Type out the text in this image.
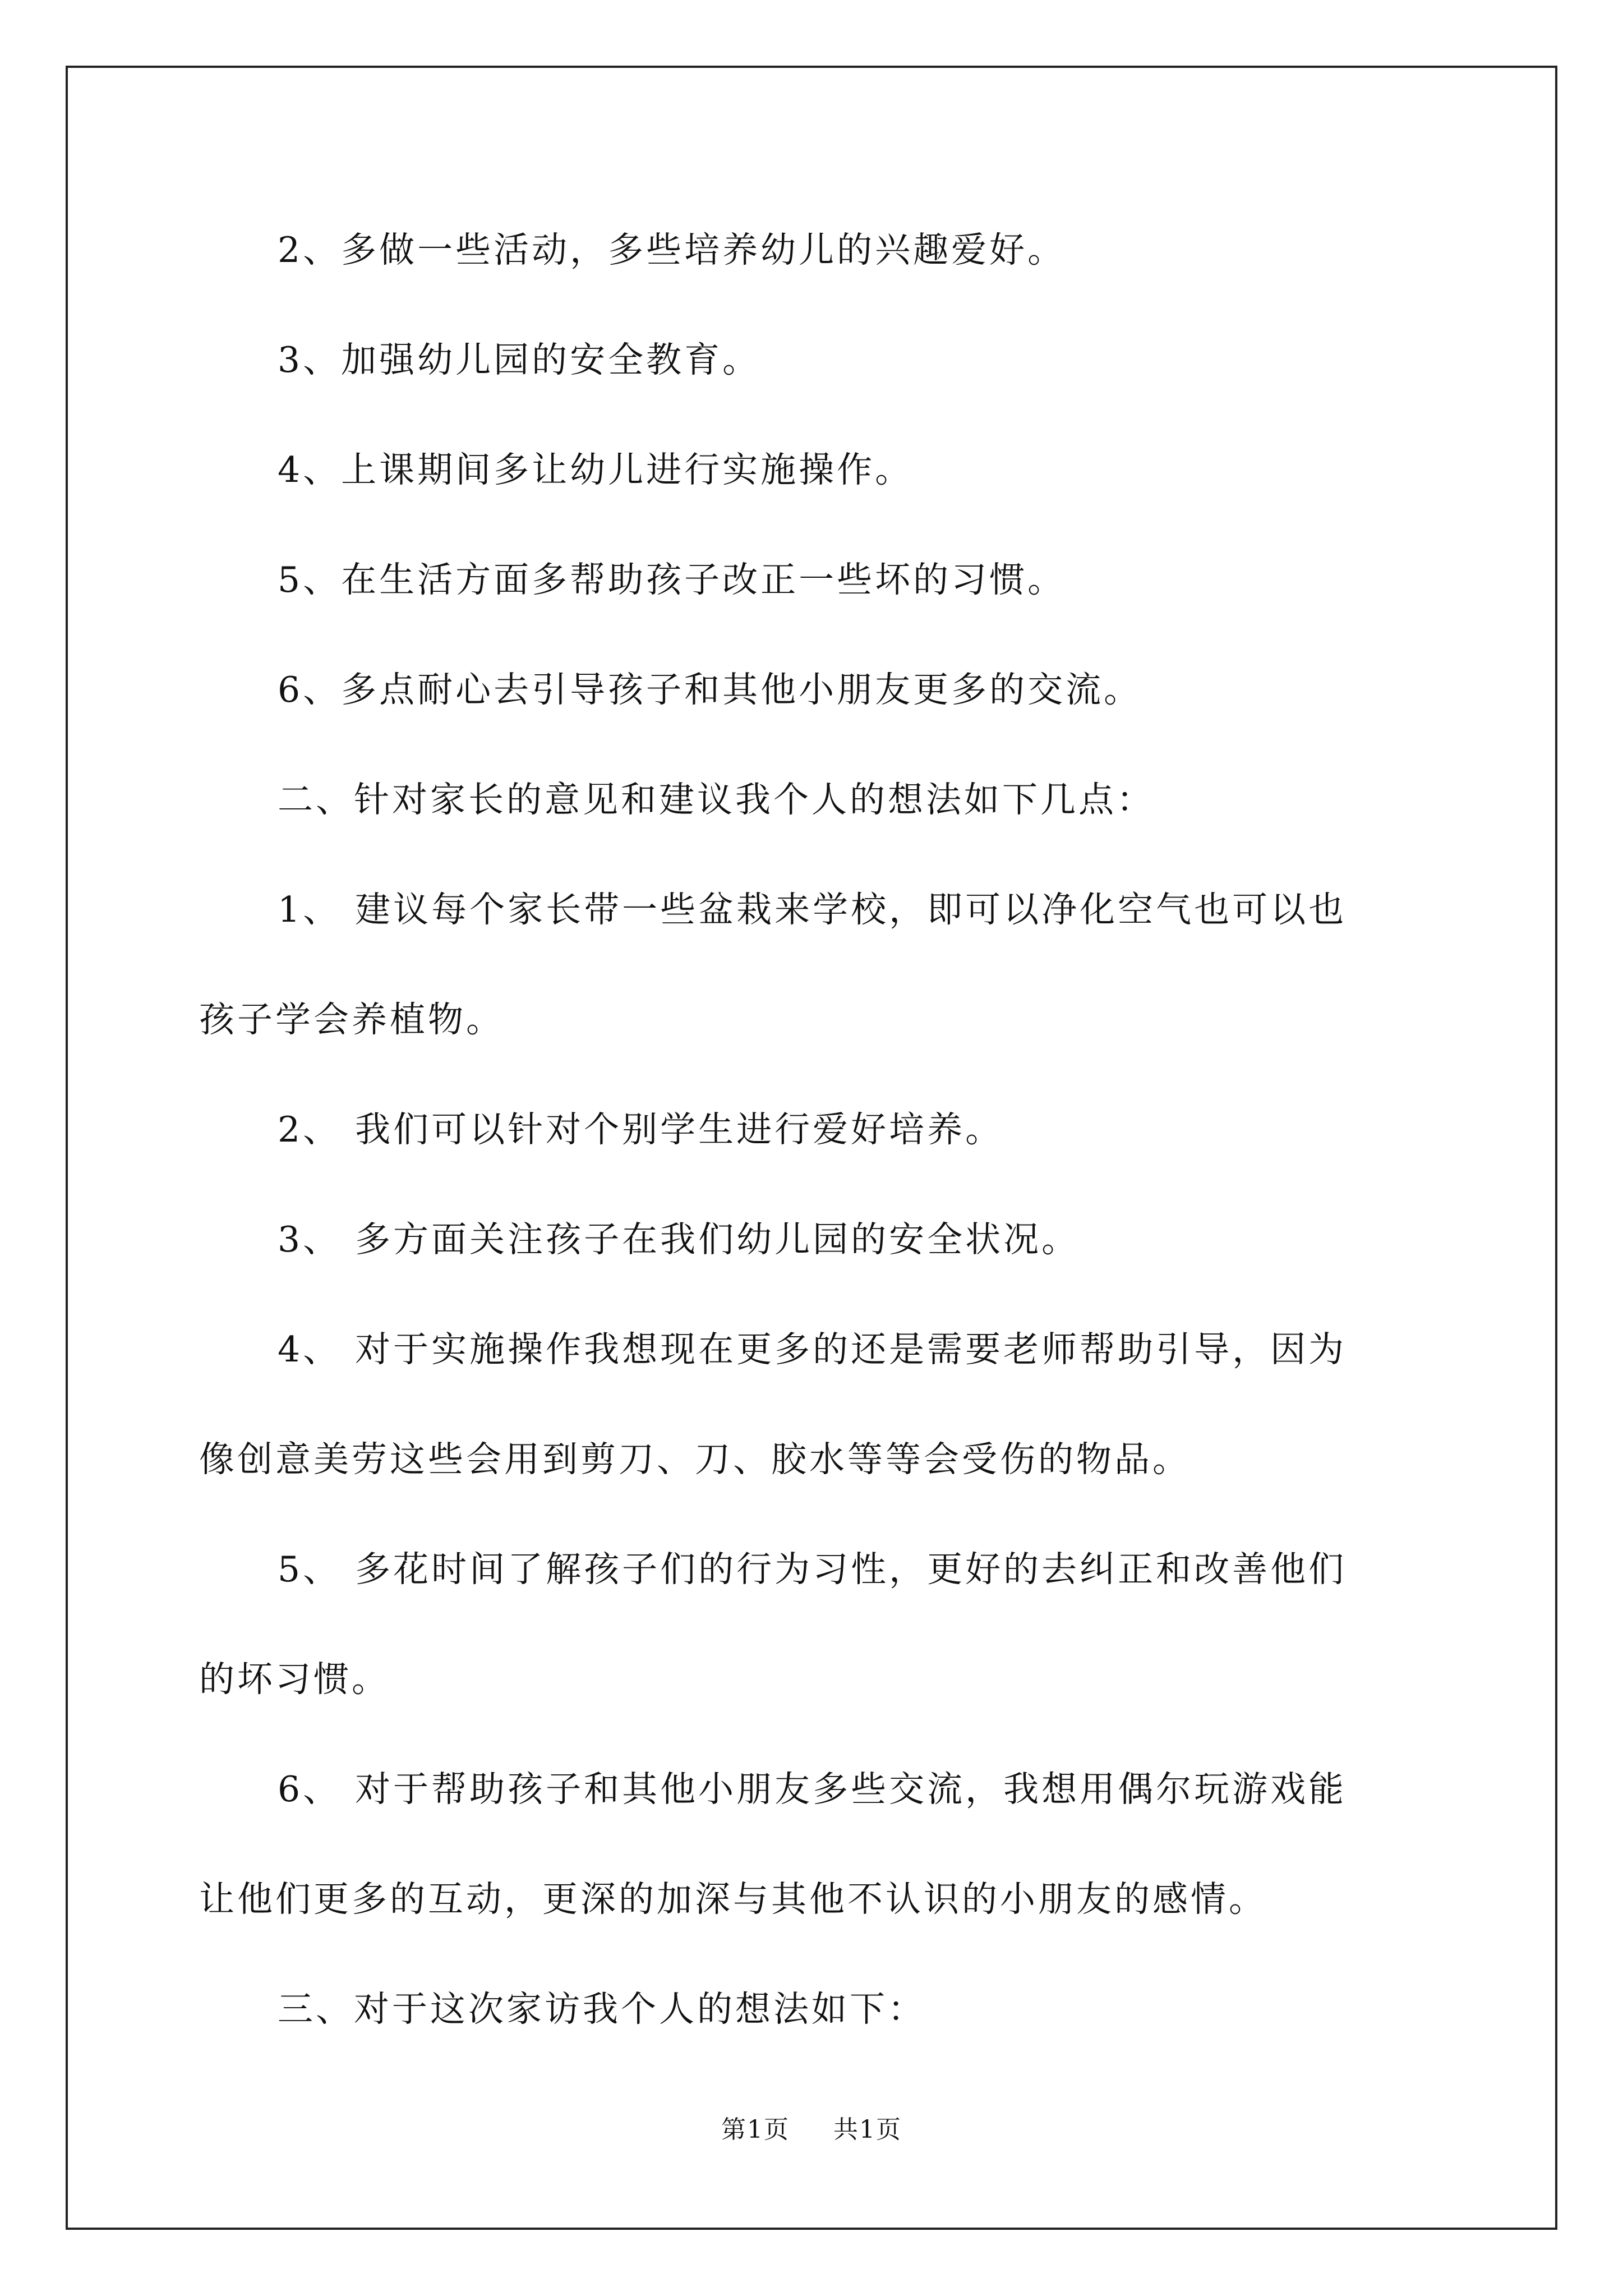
2、多做一些活动，多些培养幼儿的兴趣爱好。
3、加强幼儿园的安全教育。
4、上课期间多让幼儿进行实施操作。
5、在生活方面多帮助孩子改正一些坏的习惯。
6、多点耐心去引导孩子和其他小朋友更多的交流。
二、针对家长的意见和建议我个人的想法如下几点：
1、 建议每个家长带一些盆栽来学校，即可以净化空气也可以也
孩子学会养植物。
2、 我们可以针对个别学生进行爱好培养。
3、 多方面关注孩子在我们幼儿园的安全状况。
4、 对于实施操作我想现在更多的还是需要老师帮助引导，因为
像创意美劳这些会用到剪刀、刀、胶水等等会受伤的物品。
5、 多花时间了解孩子们的行为习性，更好的去纠正和改善他们
的坏习惯。
6、 对于帮助孩子和其他小朋友多些交流，我想用偶尔玩游戏能
让他们更多的互动，更深的加深与其他不认识的小朋友的感情。
三、对于这次家访我个人的想法如下：
第1页 共1页
